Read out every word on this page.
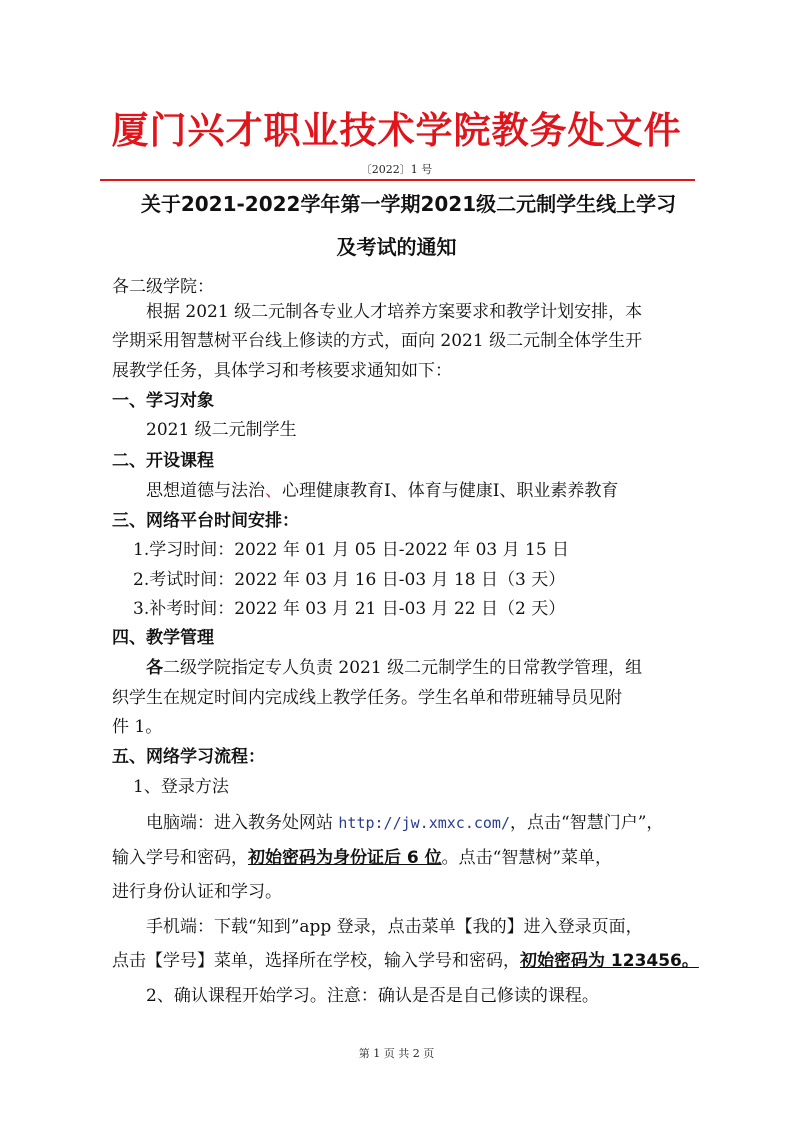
厦门兴才职业技术学院教务处文件
〔2022〕1 号
关于2021-2022学年第一学期2021级二元制学生线上学习
及考试的通知
各二级学院：
根据 2021 级二元制各专业人才培养方案要求和教学计划安排，本
学期采用智慧树平台线上修读的方式，面向 2021 级二元制全体学生开
展教学任务，具体学习和考核要求通知如下：
一、学习对象
2021 级二元制学生
二、开设课程
思想道德与法治、心理健康教育Ⅰ、体育与健康Ⅰ、职业素养教育
三、网络平台时间安排：
1.学习时间：2022 年 01 月 05 日-2022 年 03 月 15 日
2.考试时间：2022 年 03 月 16 日-03 月 18 日（3 天）
3.补考时间：2022 年 03 月 21 日-03 月 22 日（2 天）
四、教学管理
各二级学院指定专人负责 2021 级二元制学生的日常教学管理，组
织学生在规定时间内完成线上教学任务。学生名单和带班辅导员见附
件 1。
五、网络学习流程：
1、登录方法
电脑端：进入教务处网站 http://jw.xmxc.com/，点击“智慧门户”，
输入学号和密码，初始密码为身份证后 6 位。点击“智慧树”菜单，
进行身份认证和学习。
手机端：下载“知到”app 登录，点击菜单【我的】进入登录页面，
点击【学号】菜单，选择所在学校，输入学号和密码，初始密码为 123456。
2、确认课程开始学习。注意：确认是否是自己修读的课程。
第 1 页 共 2 页
